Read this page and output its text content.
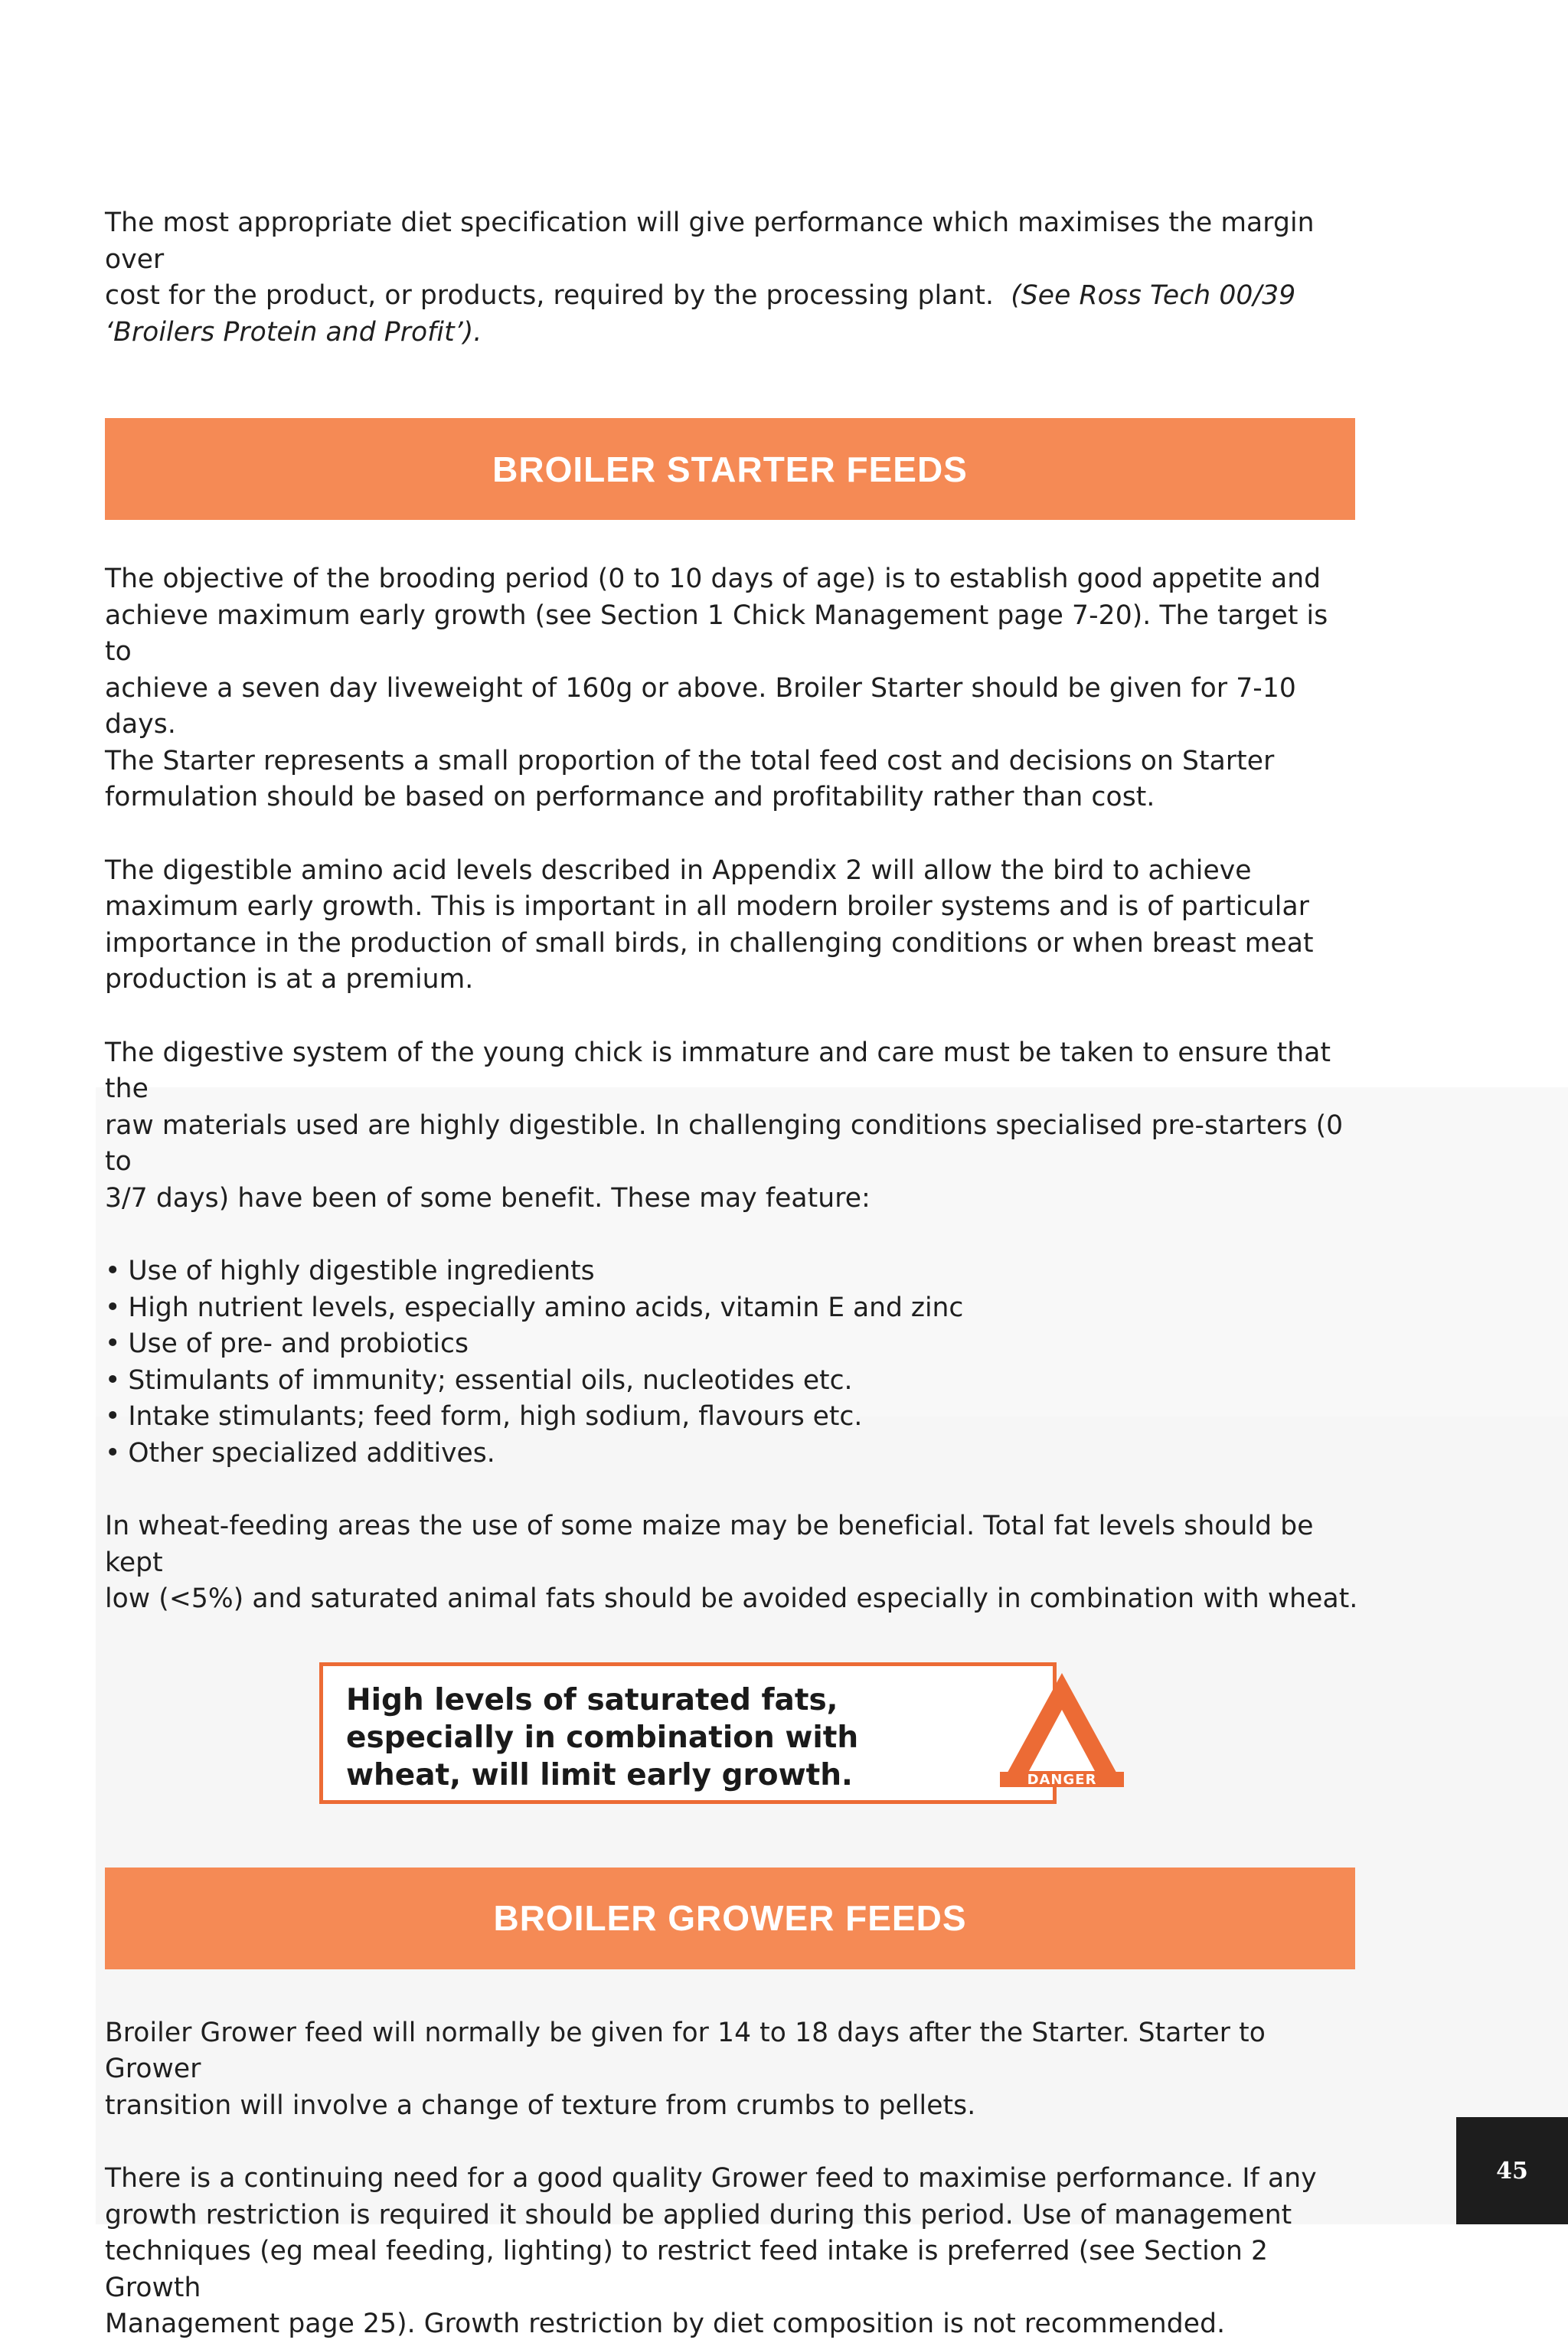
The most appropriate diet specification will give performance which maximises the margin over

cost for the product, or products, required by the processing plant. (See Ross Tech 00/39

‘Broilers Protein and Profit’).

BROILER STARTER FEEDS

The objective of the brooding period (0 to 10 days of age) is to establish good appetite and

achieve maximum early growth (see Section 1 Chick Management page 7-20). The target is to

achieve a seven day liveweight of 160g or above. Broiler Starter should be given for 7-10 days.

The Starter represents a small proportion of the total feed cost and decisions on Starter

formulation should be based on performance and profitability rather than cost.

The digestible amino acid levels described in Appendix 2 will allow the bird to achieve

maximum early growth. This is important in all modern broiler systems and is of particular

importance in the production of small birds, in challenging conditions or when breast meat

production is at a premium.

The digestive system of the young chick is immature and care must be taken to ensure that the

raw materials used are highly digestible. In challenging conditions specialised pre-starters (0 to

3/7 days) have been of some benefit. These may feature:

• Use of highly digestible ingredients
• High nutrient levels, especially amino acids, vitamin E and zinc
• Use of pre- and probiotics
• Stimulants of immunity; essential oils, nucleotides etc.
• Intake stimulants; feed form, high sodium, flavours etc.
• Other specialized additives.

In wheat-feeding areas the use of some maize may be beneficial. Total fat levels should be kept

low (<5%) and saturated animal fats should be avoided especially in combination with wheat.

High levels of saturated fats,
especially in combination with
wheat, will limit early growth.	DANGER
BROILER GROWER FEEDS

Broiler Grower feed will normally be given for 14 to 18 days after the Starter. Starter to Grower

transition will involve a change of texture from crumbs to pellets.

There is a continuing need for a good quality Grower feed to maximise performance. If any

growth restriction is required it should be applied during this period. Use of management

techniques (eg meal feeding, lighting) to restrict feed intake is preferred (see Section 2 Growth

Management page 25). Growth restriction by diet composition is not recommended.

45
